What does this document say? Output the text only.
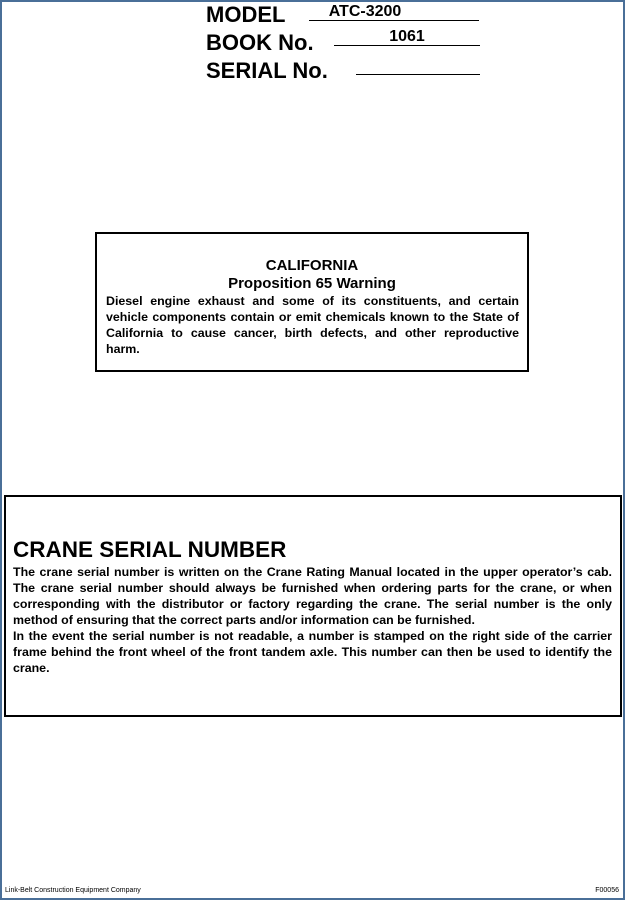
MODEL	ATC-3200
BOOK No.	1061
SERIAL No.
CALIFORNIA
Proposition 65 Warning
Diesel engine exhaust and some of its constituents, and certain vehicle components contain or emit chemicals known to the State of California to cause cancer, birth defects, and other reproductive harm.
CRANE SERIAL NUMBER

The crane serial number is written on the Crane Rating Manual located in the upper operator’s cab. The crane serial number should always be furnished when ordering parts for the crane, or when corresponding with the distributor or factory regarding the crane. The serial number is the only method of ensuring that the correct parts and/or information can be furnished.

In the event the serial number is not readable, a number is stamped on the right side of the carrier frame behind the front wheel of the front tandem axle. This number can then be used to identify the crane.

Link-Belt Construction Equipment Company	F00056
